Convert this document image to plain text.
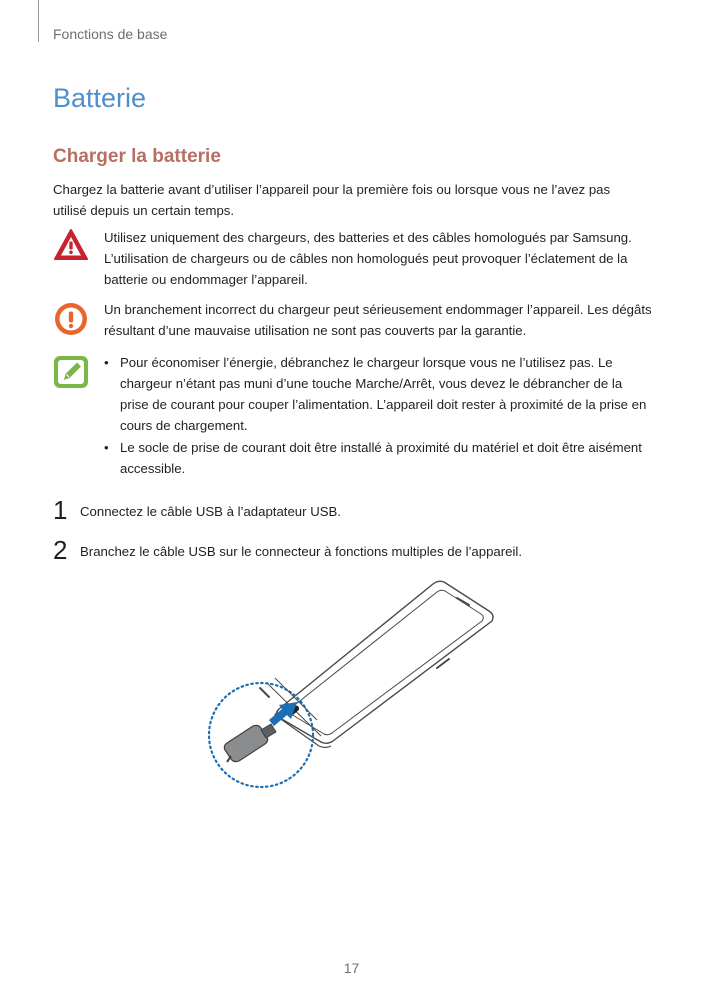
Fonctions de base
Batterie
Charger la batterie
Chargez la batterie avant d’utiliser l’appareil pour la première fois ou lorsque vous ne l’avez pas utilisé depuis un certain temps.
Utilisez uniquement des chargeurs, des batteries et des câbles homologués par Samsung. L’utilisation de chargeurs ou de câbles non homologués peut provoquer l’éclatement de la batterie ou endommager l’appareil.
Un branchement incorrect du chargeur peut sérieusement endommager l’appareil. Les dégâts résultant d’une mauvaise utilisation ne sont pas couverts par la garantie.
• Pour économiser l’énergie, débranchez le chargeur lorsque vous ne l’utilisez pas. Le chargeur n’étant pas muni d’une touche Marche/Arrêt, vous devez le débrancher de la prise de courant pour couper l’alimentation. L’appareil doit rester à proximité de la prise en cours de chargement.
• Le socle de prise de courant doit être installé à proximité du matériel et doit être aisément accessible.
1 Connectez le câble USB à l’adaptateur USB.
2 Branchez le câble USB sur le connecteur à fonctions multiples de l’appareil.
17
